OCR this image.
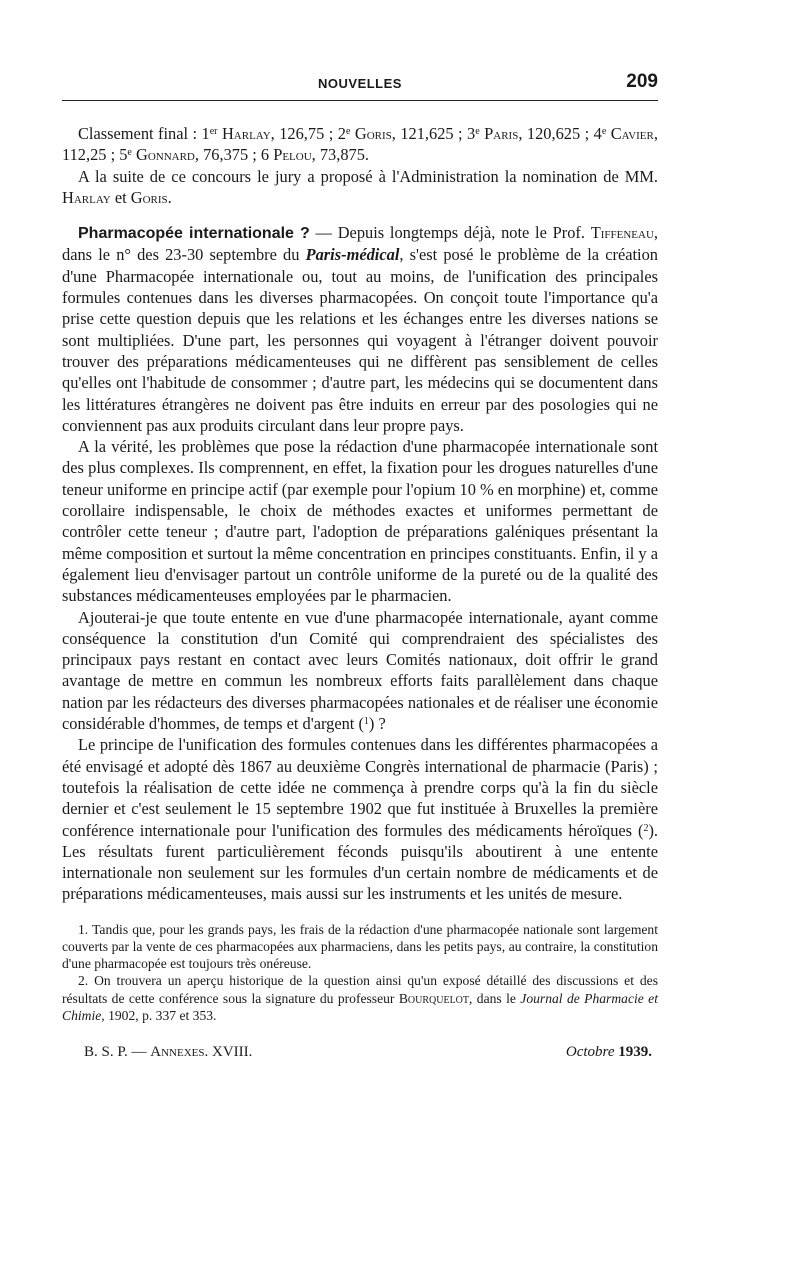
NOUVELLES	209

Classement final : 1er Harlay, 126,75 ; 2e Goris, 121,625 ; 3e Paris, 120,625 ; 4e Cavier, 112,25 ; 5e Gonnard, 76,375 ; 6 Pelou, 73,875.

A la suite de ce concours le jury a proposé à l'Administration la nomination de MM. Harlay et Goris.

Pharmacopée internationale ? — Depuis longtemps déjà, note le Prof. Tiffeneau, dans le n° des 23-30 septembre du Paris-médical, s'est posé le problème de la création d'une Pharmacopée internationale ou, tout au moins, de l'unification des principales formules contenues dans les diverses pharmacopées. On conçoit toute l'importance qu'a prise cette question depuis que les relations et les échanges entre les diverses nations se sont multipliées. D'une part, les personnes qui voyagent à l'étranger doivent pouvoir trouver des préparations médicamenteuses qui ne diffèrent pas sensiblement de celles qu'elles ont l'habitude de consommer ; d'autre part, les médecins qui se documentent dans les littératures étrangères ne doivent pas être induits en erreur par des posologies qui ne conviennent pas aux produits circulant dans leur propre pays.

A la vérité, les problèmes que pose la rédaction d'une pharmacopée internationale sont des plus complexes. Ils comprennent, en effet, la fixation pour les drogues naturelles d'une teneur uniforme en principe actif (par exemple pour l'opium 10 % en morphine) et, comme corollaire indispensable, le choix de méthodes exactes et uniformes permettant de contrôler cette teneur ; d'autre part, l'adoption de préparations galéniques présentant la même composition et surtout la même concentration en principes constituants. Enfin, il y a également lieu d'envisager partout un contrôle uniforme de la pureté ou de la qualité des substances médicamenteuses employées par le pharmacien.

Ajouterai-je que toute entente en vue d'une pharmacopée internationale, ayant comme conséquence la constitution d'un Comité qui comprendraient des spécialistes des principaux pays restant en contact avec leurs Comités nationaux, doit offrir le grand avantage de mettre en commun les nombreux efforts faits parallèlement dans chaque nation par les rédacteurs des diverses pharmacopées nationales et de réaliser une économie considérable d'hommes, de temps et d'argent ($^1$) ?

Le principe de l'unification des formules contenues dans les différentes pharmacopées a été envisagé et adopté dès 1867 au deuxième Congrès international de pharmacie (Paris) ; toutefois la réalisation de cette idée ne commença à prendre corps qu'à la fin du siècle dernier et c'est seulement le 15 septembre 1902 que fut instituée à Bruxelles la première conférence internationale pour l'unification des formules des médicaments héroïques ($^2$). Les résultats furent particulièrement féconds puisqu'ils aboutirent à une entente internationale non seulement sur les formules d'un certain nombre de médicaments et de préparations médicamenteuses, mais aussi sur les instruments et les unités de mesure.

1. Tandis que, pour les grands pays, les frais de la rédaction d'une pharmacopée nationale sont largement couverts par la vente de ces pharmacopées aux pharmaciens, dans les petits pays, au contraire, la constitution d'une pharmacopée est toujours très onéreuse.

2. On trouvera un aperçu historique de la question ainsi qu'un exposé détaillé des discussions et des résultats de cette conférence sous la signature du professeur Bourquelot, dans le Journal de Pharmacie et Chimie, 1902, p. 337 et 353.

B. S. P. — Annexes. XVIII.	Octobre 1939.
